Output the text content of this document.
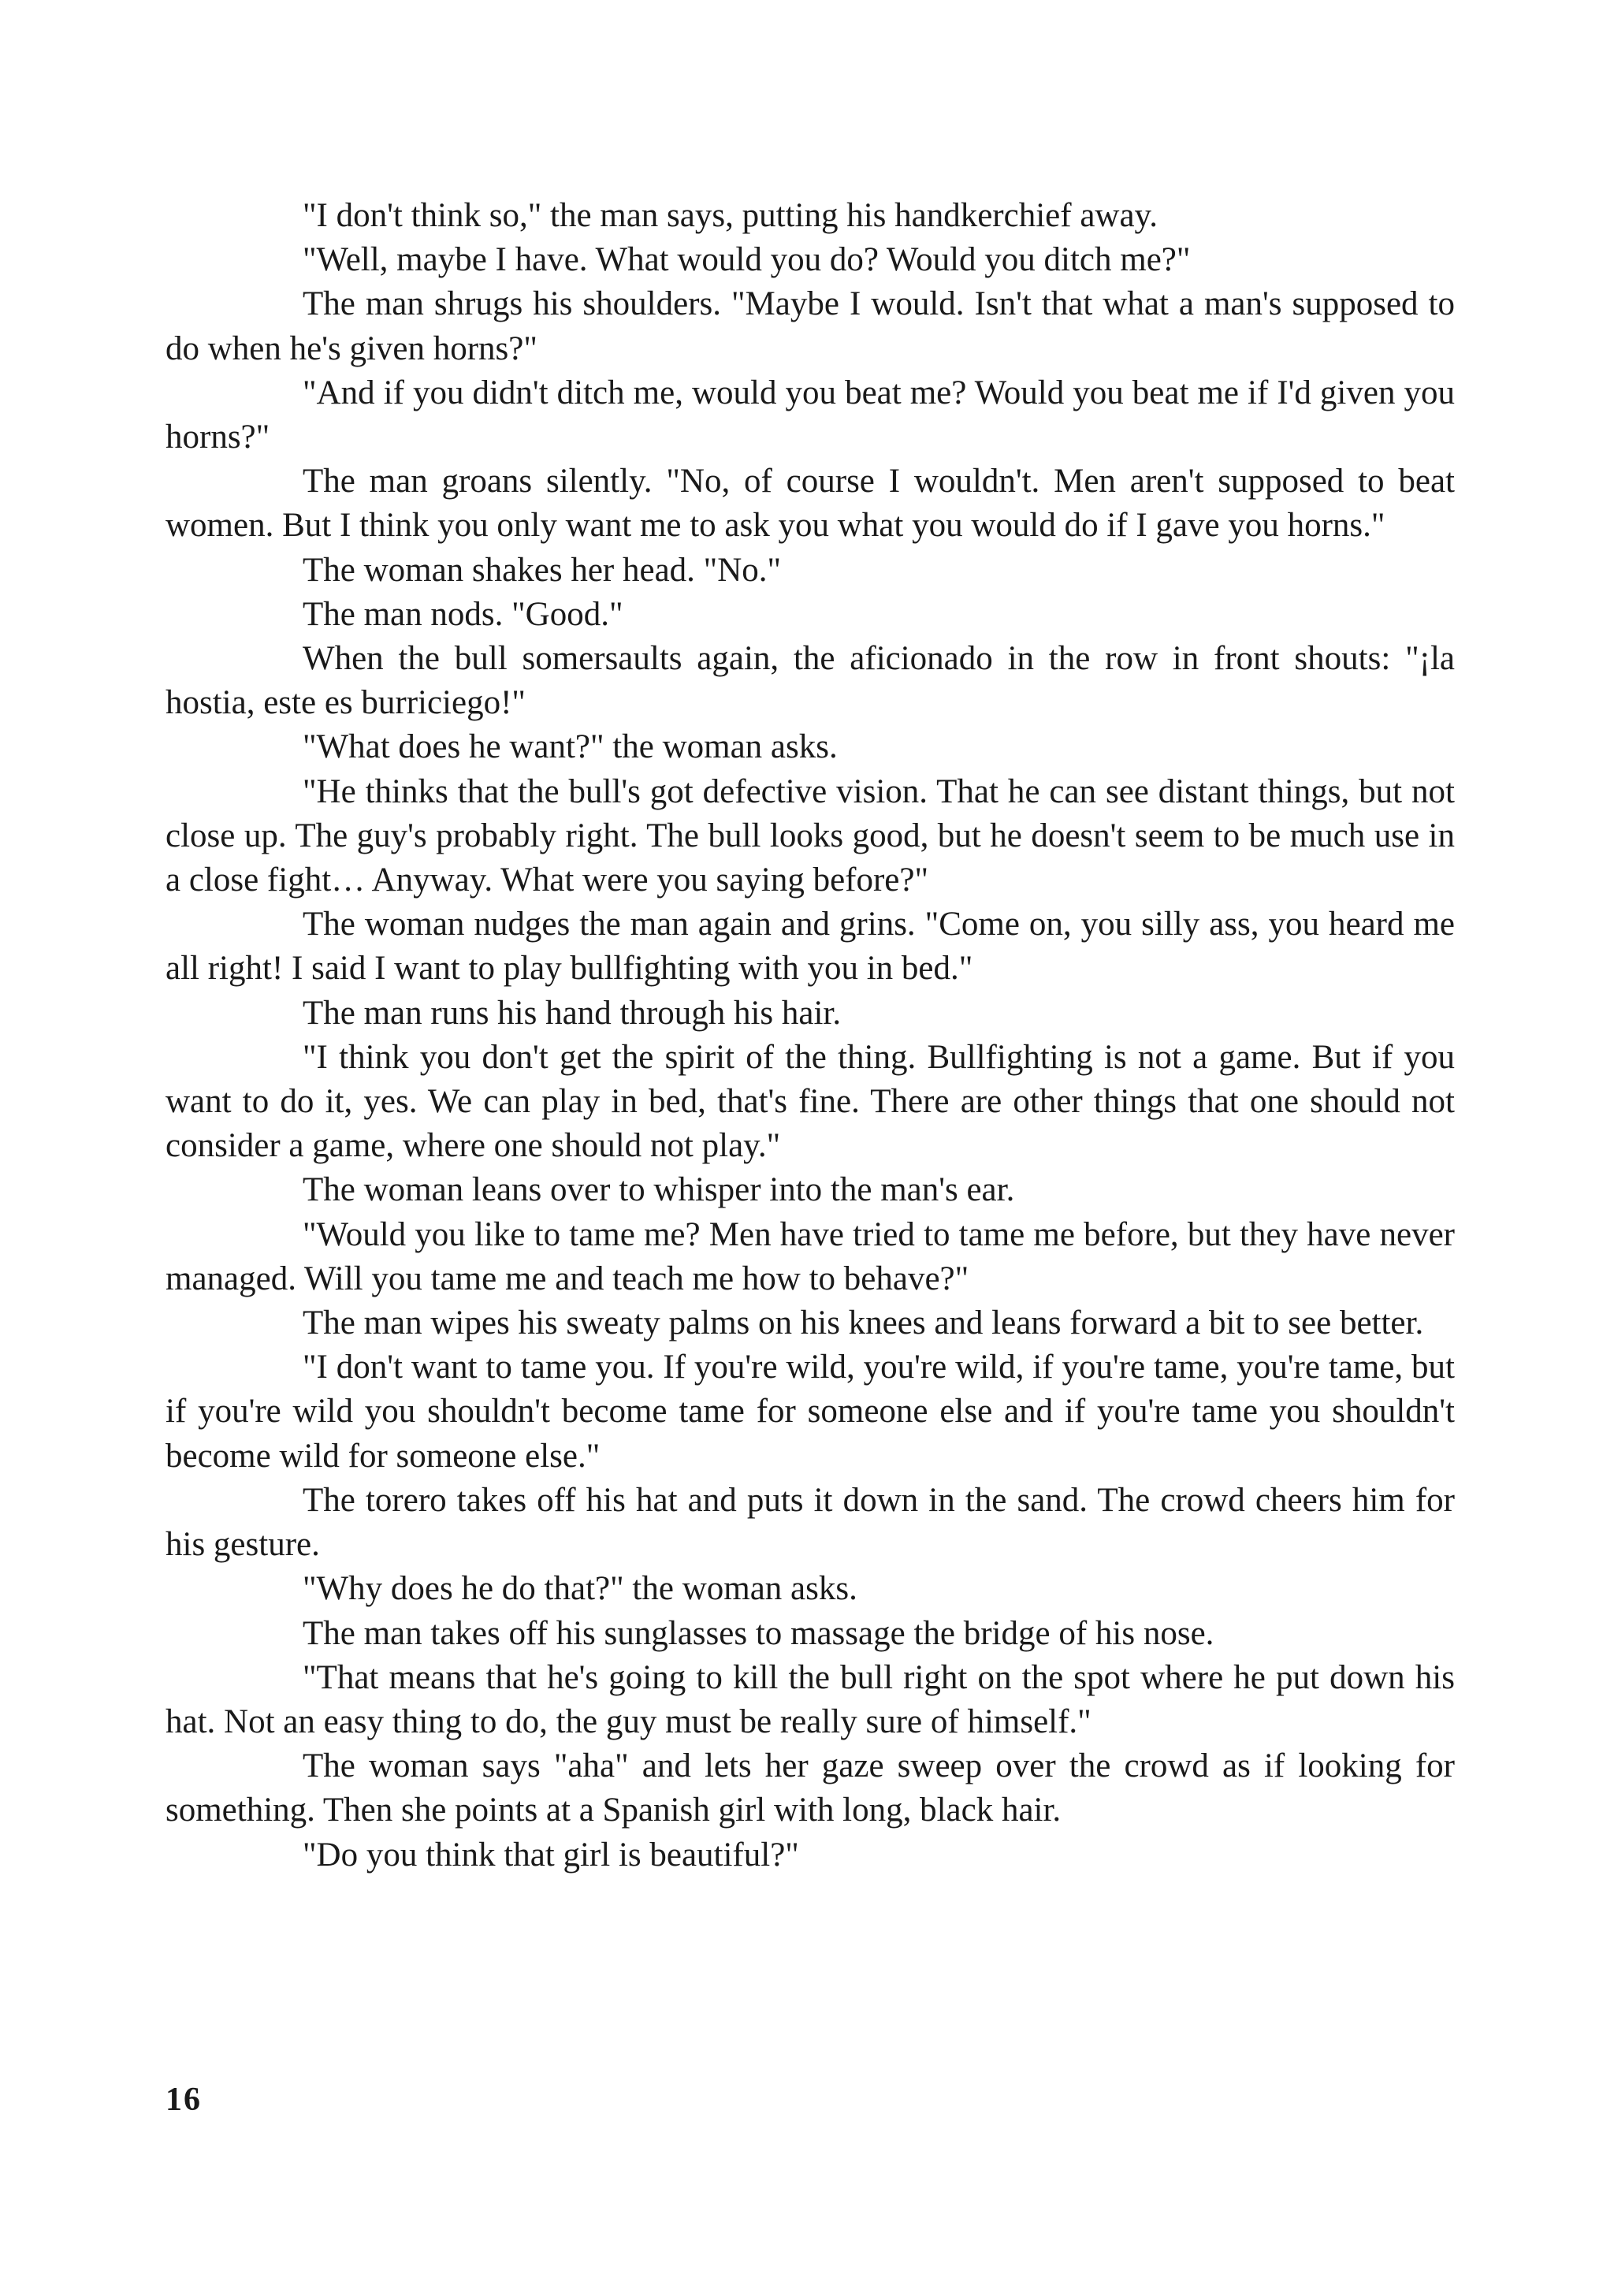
"I don't think so," the man says, putting his handkerchief away.

"Well, maybe I have. What would you do? Would you ditch me?"

The man shrugs his shoulders. "Maybe I would. Isn't that what a man's supposed to do when he's given horns?"

"And if you didn't ditch me, would you beat me? Would you beat me if I'd given you horns?"

The man groans silently. "No, of course I wouldn't. Men aren't supposed to beat women. But I think you only want me to ask you what you would do if I gave you horns."

The woman shakes her head. "No."

The man nods. "Good."

When the bull somersaults again, the aficionado in the row in front shouts: "¡la hostia, este es burriciego!"

"What does he want?" the woman asks.

"He thinks that the bull's got defective vision. That he can see distant things, but not close up. The guy's probably right. The bull looks good, but he doesn't seem to be much use in a close fight… Anyway. What were you saying before?"

The woman nudges the man again and grins. "Come on, you silly ass, you heard me all right! I said I want to play bullfighting with you in bed."

The man runs his hand through his hair.

"I think you don't get the spirit of the thing. Bullfighting is not a game. But if you want to do it, yes. We can play in bed, that's fine. There are other things that one should not consider a game, where one should not play."

The woman leans over to whisper into the man's ear.

"Would you like to tame me? Men have tried to tame me before, but they have never managed. Will you tame me and teach me how to behave?"

The man wipes his sweaty palms on his knees and leans forward a bit to see better.

"I don't want to tame you. If you're wild, you're wild, if you're tame, you're tame, but if you're wild you shouldn't become tame for someone else and if you're tame you shouldn't become wild for someone else."

The torero takes off his hat and puts it down in the sand. The crowd cheers him for his gesture.

"Why does he do that?" the woman asks.

The man takes off his sunglasses to massage the bridge of his nose.

"That means that he's going to kill the bull right on the spot where he put down his hat. Not an easy thing to do, the guy must be really sure of himself."

The woman says "aha" and lets her gaze sweep over the crowd as if looking for something. Then she points at a Spanish girl with long, black hair.

"Do you think that girl is beautiful?"

16
